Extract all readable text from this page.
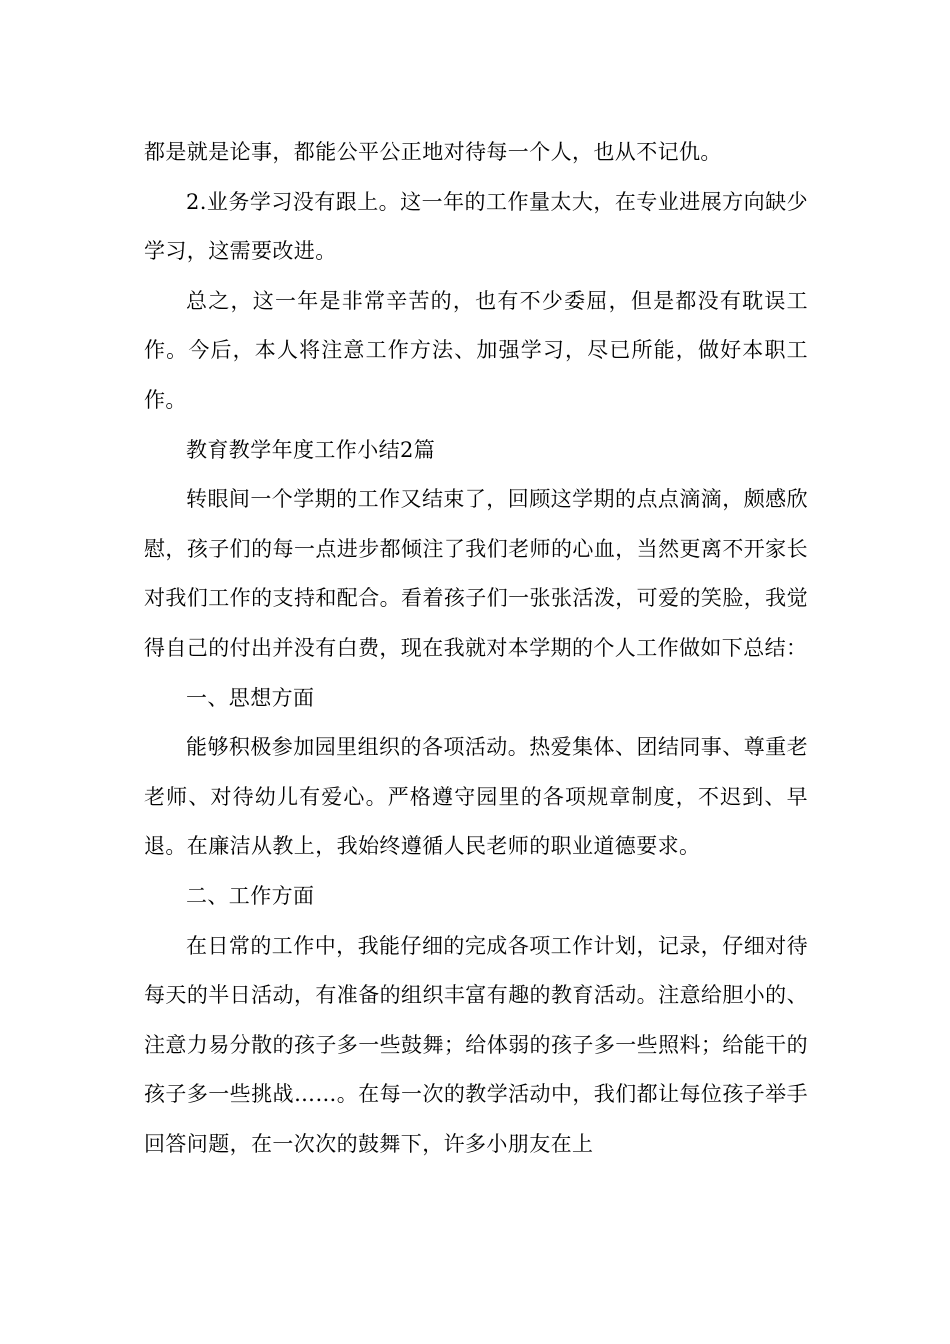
都是就是论事，都能公平公正地对待每一个人，也从不记仇。

2.业务学习没有跟上。这一年的工作量太大，在专业进展方向缺少学习，这需要改进。

总之，这一年是非常辛苦的，也有不少委屈，但是都没有耽误工作。今后，本人将注意工作方法、加强学习，尽已所能，做好本职工作。

教育教学年度工作小结2篇

转眼间一个学期的工作又结束了，回顾这学期的点点滴滴，颇感欣慰，孩子们的每一点进步都倾注了我们老师的心血，当然更离不开家长对我们工作的支持和配合。看着孩子们一张张活泼，可爱的笑脸，我觉得自己的付出并没有白费，现在我就对本学期的个人工作做如下总结：

一、思想方面

能够积极参加园里组织的各项活动。热爱集体、团结同事、尊重老老师、对待幼儿有爱心。严格遵守园里的各项规章制度，不迟到、早退。在廉洁从教上，我始终遵循人民老师的职业道德要求。

二、工作方面

在日常的工作中，我能仔细的完成各项工作计划，记录，仔细对待每天的半日活动，有准备的组织丰富有趣的教育活动。注意给胆小的、注意力易分散的孩子多一些鼓舞；给体弱的孩子多一些照料；给能干的孩子多一些挑战……。在每一次的教学活动中，我们都让每位孩子举手回答问题，在一次次的鼓舞下，许多小朋友在上
